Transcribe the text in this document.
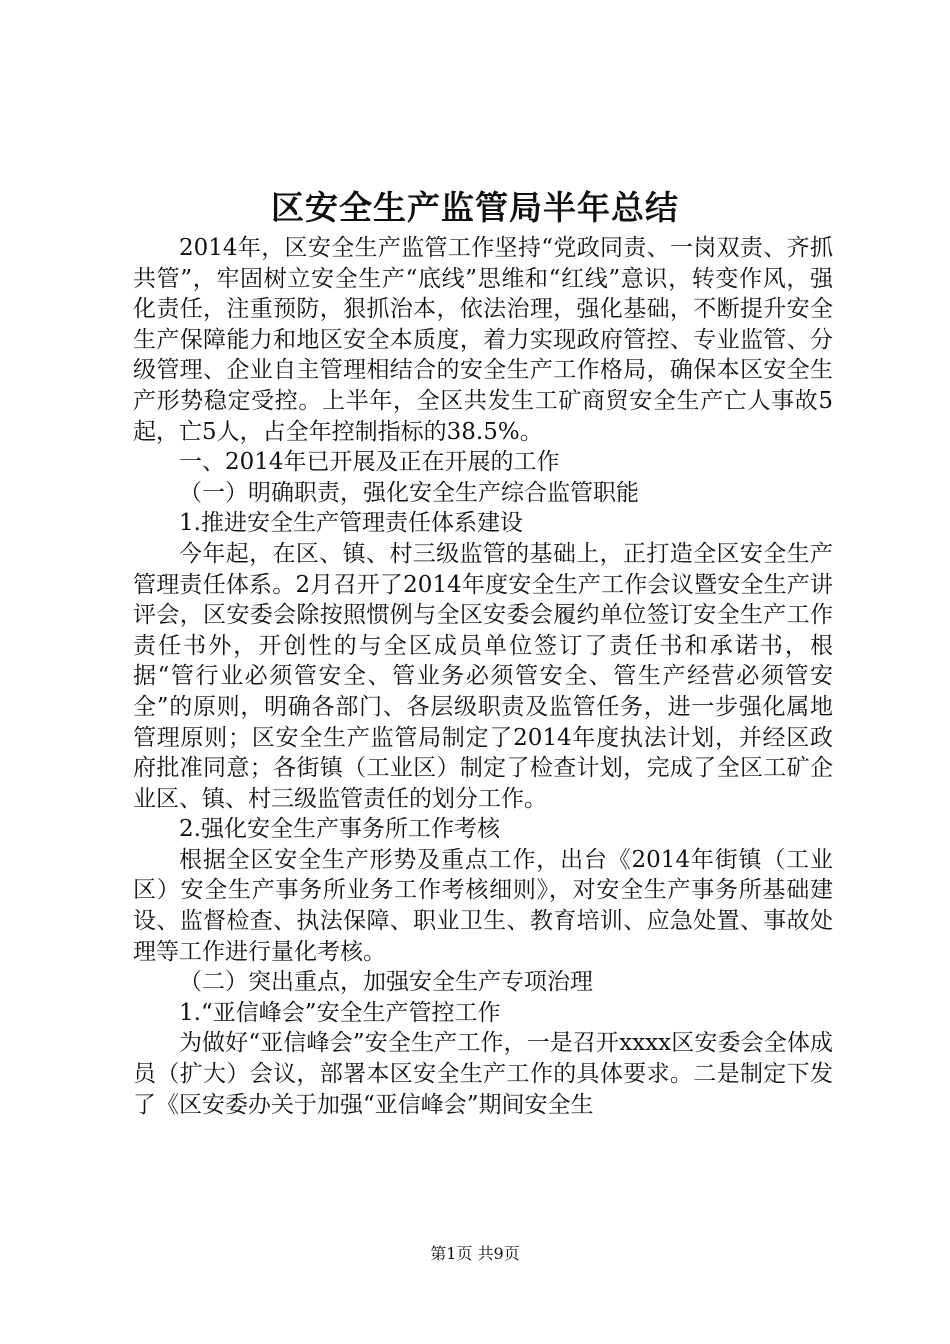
区安全生产监管局半年总结

2014年，区安全生产监管工作坚持“党政同责、一岗双责、齐抓共管”，牢固树立安全生产“底线”思维和“红线”意识，转变作风，强化责任，注重预防，狠抓治本，依法治理，强化基础，不断提升安全生产保障能力和地区安全本质度，着力实现政府管控、专业监管、分级管理、企业自主管理相结合的安全生产工作格局，确保本区安全生产形势稳定受控。上半年，全区共发生工矿商贸安全生产亡人事故5起，亡5人，占全年控制指标的38.5%。

一、2014年已开展及正在开展的工作

（一）明确职责，强化安全生产综合监管职能

1.推进安全生产管理责任体系建设

今年起，在区、镇、村三级监管的基础上，正打造全区安全生产管理责任体系。2月召开了2014年度安全生产工作会议暨安全生产讲评会，区安委会除按照惯例与全区安委会履约单位签订安全生产工作责任书外，开创性的与全区成员单位签订了责任书和承诺书，根据“管行业必须管安全、管业务必须管安全、管生产经营必须管安全”的原则，明确各部门、各层级职责及监管任务，进一步强化属地管理原则；区安全生产监管局制定了2014年度执法计划，并经区政府批准同意；各街镇（工业区）制定了检查计划，完成了全区工矿企业区、镇、村三级监管责任的划分工作。

2.强化安全生产事务所工作考核

根据全区安全生产形势及重点工作，出台《2014年街镇（工业区）安全生产事务所业务工作考核细则》，对安全生产事务所基础建设、监督检查、执法保障、职业卫生、教育培训、应急处置、事故处理等工作进行量化考核。

（二）突出重点，加强安全生产专项治理

1.“亚信峰会”安全生产管控工作

为做好“亚信峰会”安全生产工作，一是召开xxxx区安委会全体成员（扩大）会议，部署本区安全生产工作的具体要求。二是制定下发了《区安委办关于加强“亚信峰会”期间安全生

第1页 共9页
